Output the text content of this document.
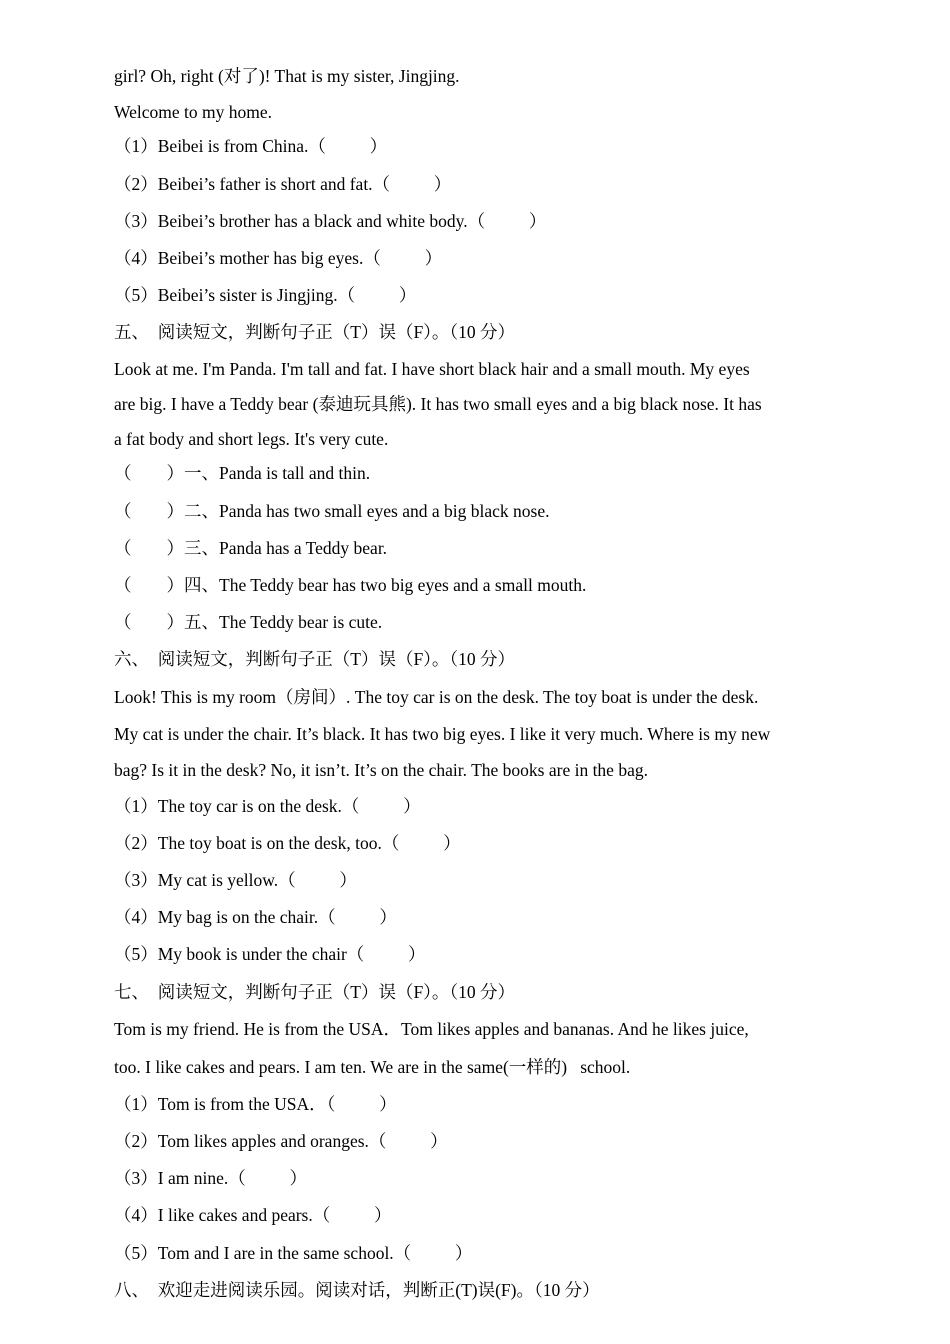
girl? Oh, right (对了)! That is my sister, Jingjing.
Welcome to my home.
（1）Beibei is from China.（          ）
（2）Beibei’s father is short and fat.（          ）
（3）Beibei’s brother has a black and white body.（          ）
（4）Beibei’s mother has big eyes.（          ）
（5）Beibei’s sister is Jingjing.（          ）
五、  阅读短文，判断句子正（T）误（F）。（10 分）
Look at me. I'm Panda. I'm tall and fat. I have short black hair and a small mouth. My eyes
are big. I have a Teddy bear (泰迪玩具熊). It has two small eyes and a big black nose. It has
a fat body and short legs. It's very cute.
（        ）一、Panda is tall and thin.
（        ）二、Panda has two small eyes and a big black nose.
（        ）三、Panda has a Teddy bear.
（        ）四、The Teddy bear has two big eyes and a small mouth.
（        ）五、The Teddy bear is cute.
六、  阅读短文，判断句子正（T）误（F）。（10 分）
Look! This is my room（房间）. The toy car is on the desk. The toy boat is under the desk.
My cat is under the chair. It’s black. It has two big eyes. I like it very much. Where is my new
bag? Is it in the desk? No, it isn’t. It’s on the chair. The books are in the bag.
（1）The toy car is on the desk.（          ）
（2）The toy boat is on the desk, too.（          ）
（3）My cat is yellow.（          ）
（4）My bag is on the chair.（          ）
（5）My book is under the chair（          ）
七、  阅读短文，判断句子正（T）误（F）。（10 分）
Tom is my friend. He is from the USA．Tom likes apples and bananas. And he likes juice,
too. I like cakes and pears. I am ten. We are in the same(一样的)   school.
（1）Tom is from the USA．（          ）
（2）Tom likes apples and oranges.（          ）
（3）I am nine.（          ）
（4）I like cakes and pears.（          ）
（5）Tom and I are in the same school.（          ）
八、  欢迎走进阅读乐园。阅读对话，判断正(T)误(F)。（10 分）
